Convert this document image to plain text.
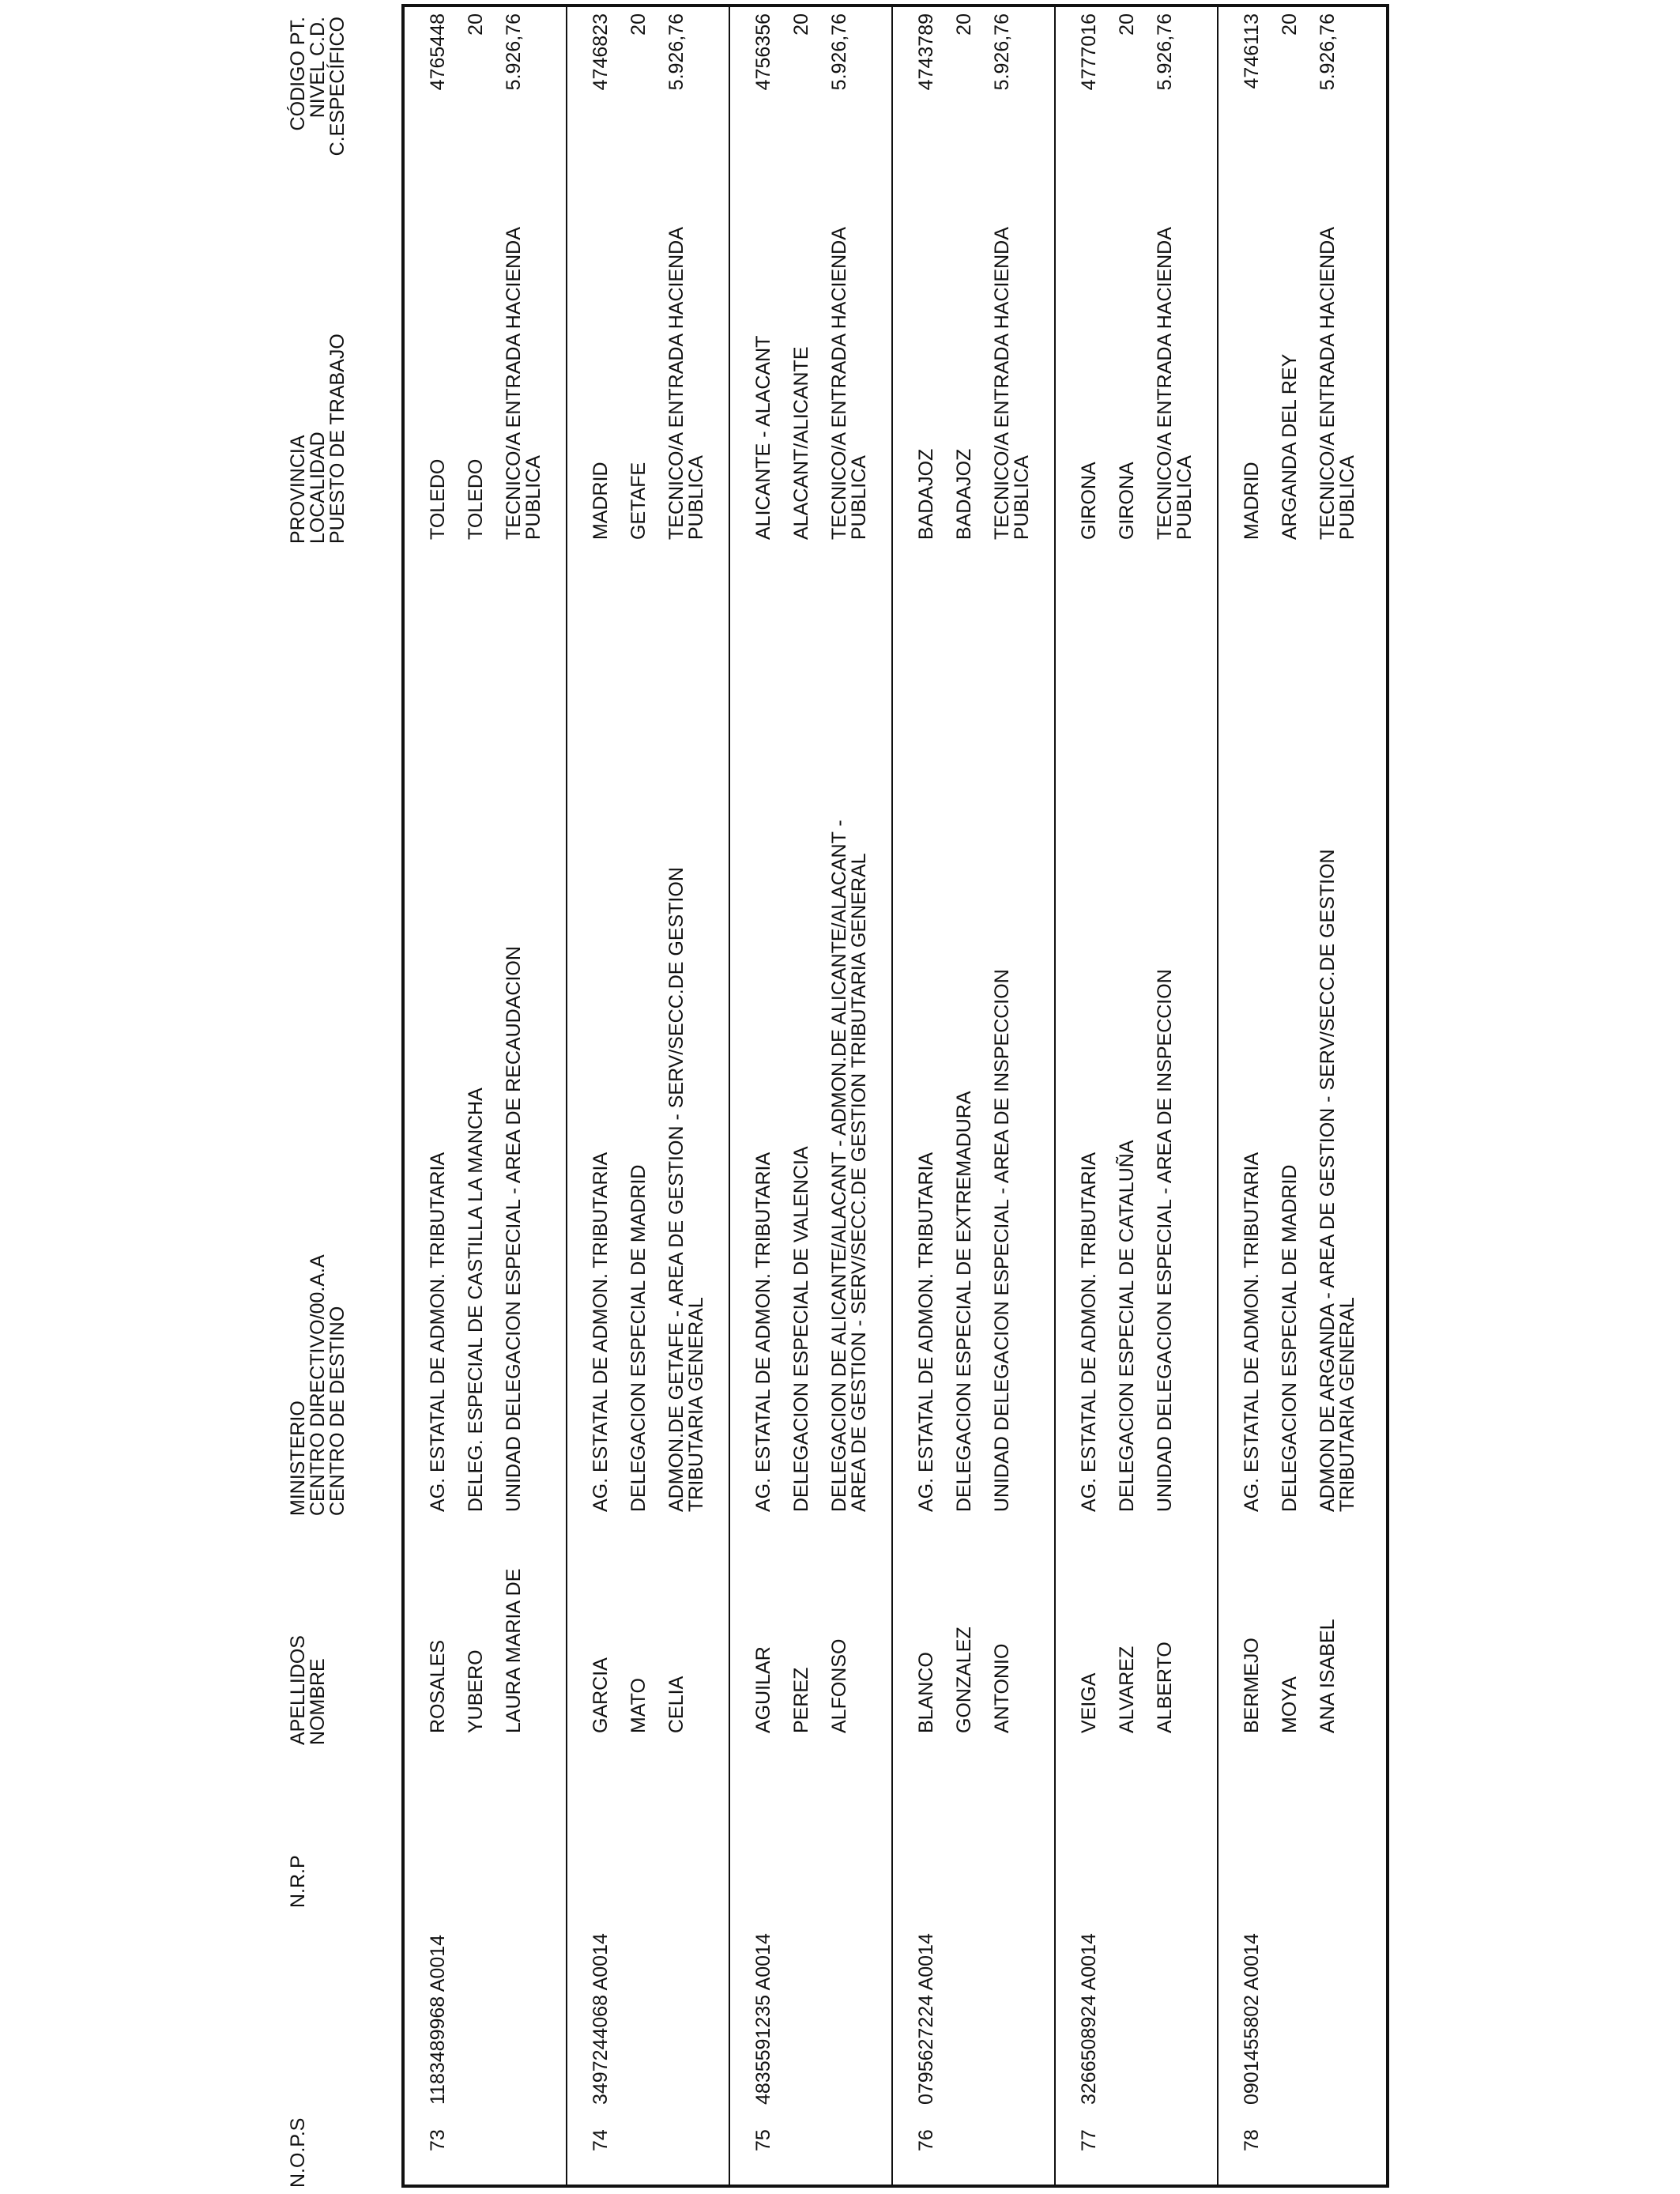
N.O.P.S
N.R.P
APELLIDOS
NOMBRE
MINISTERIO
CENTRO DIRECTIVO/00.A.A
CENTRO DE DESTINO
PROVINCIA
LOCALIDAD
PUESTO DE TRABAJO
CÓDIGO PT.
NIVEL C.D.
C.ESPECÍFICO
73
1183489968 A0014
ROSALES YUBERO LAURA MARIA DE
AG. ESTATAL DE ADMON. TRIBUTARIA DELEG. ESPECIAL DE CASTILLA LA MANCHA UNIDAD DELEGACION ESPECIAL - AREA DE RECAUDACION
TOLEDO TOLEDO TECNICO/A ENTRADA HACIENDA
PUBLICA
4765448 20 5.926,76
74
3497244068 A0014
GARCIA MATO CELIA
AG. ESTATAL DE ADMON. TRIBUTARIA DELEGACION ESPECIAL DE MADRID ADMON.DE GETAFE - AREA DE GESTION - SERV/SECC.DE GESTION
TRIBUTARIA GENERAL
MADRID GETAFE TECNICO/A ENTRADA HACIENDA
PUBLICA
4746823 20 5.926,76
75
4835591235 A0014
AGUILAR PEREZ ALFONSO
AG. ESTATAL DE ADMON. TRIBUTARIA DELEGACION ESPECIAL DE VALENCIA DELEGACION DE ALICANTE/ALACANT - ADMON.DE ALICANTE/ALACANT -
AREA DE GESTION - SERV/SECC.DE GESTION TRIBUTARIA GENERAL
ALICANTE - ALACANT ALACANT/ALICANTE TECNICO/A ENTRADA HACIENDA
PUBLICA
4756356 20 5.926,76
76
0795627224 A0014
BLANCO GONZALEZ ANTONIO
AG. ESTATAL DE ADMON. TRIBUTARIA DELEGACION ESPECIAL DE EXTREMADURA UNIDAD DELEGACION ESPECIAL - AREA DE INSPECCION
BADAJOZ BADAJOZ TECNICO/A ENTRADA HACIENDA
PUBLICA
4743789 20 5.926,76
77
3266508924 A0014
VEIGA ALVAREZ ALBERTO
AG. ESTATAL DE ADMON. TRIBUTARIA DELEGACION ESPECIAL DE CATALUÑA UNIDAD DELEGACION ESPECIAL - AREA DE INSPECCION
GIRONA GIRONA TECNICO/A ENTRADA HACIENDA
PUBLICA
4777016 20 5.926,76
78
0901455802 A0014
BERMEJO MOYA ANA ISABEL
AG. ESTATAL DE ADMON. TRIBUTARIA DELEGACION ESPECIAL DE MADRID ADMON DE ARGANDA - AREA DE GESTION - SERV/SECC.DE GESTION
TRIBUTARIA GENERAL
MADRID ARGANDA DEL REY TECNICO/A ENTRADA HACIENDA
PUBLICA
4746113 20 5.926,76
